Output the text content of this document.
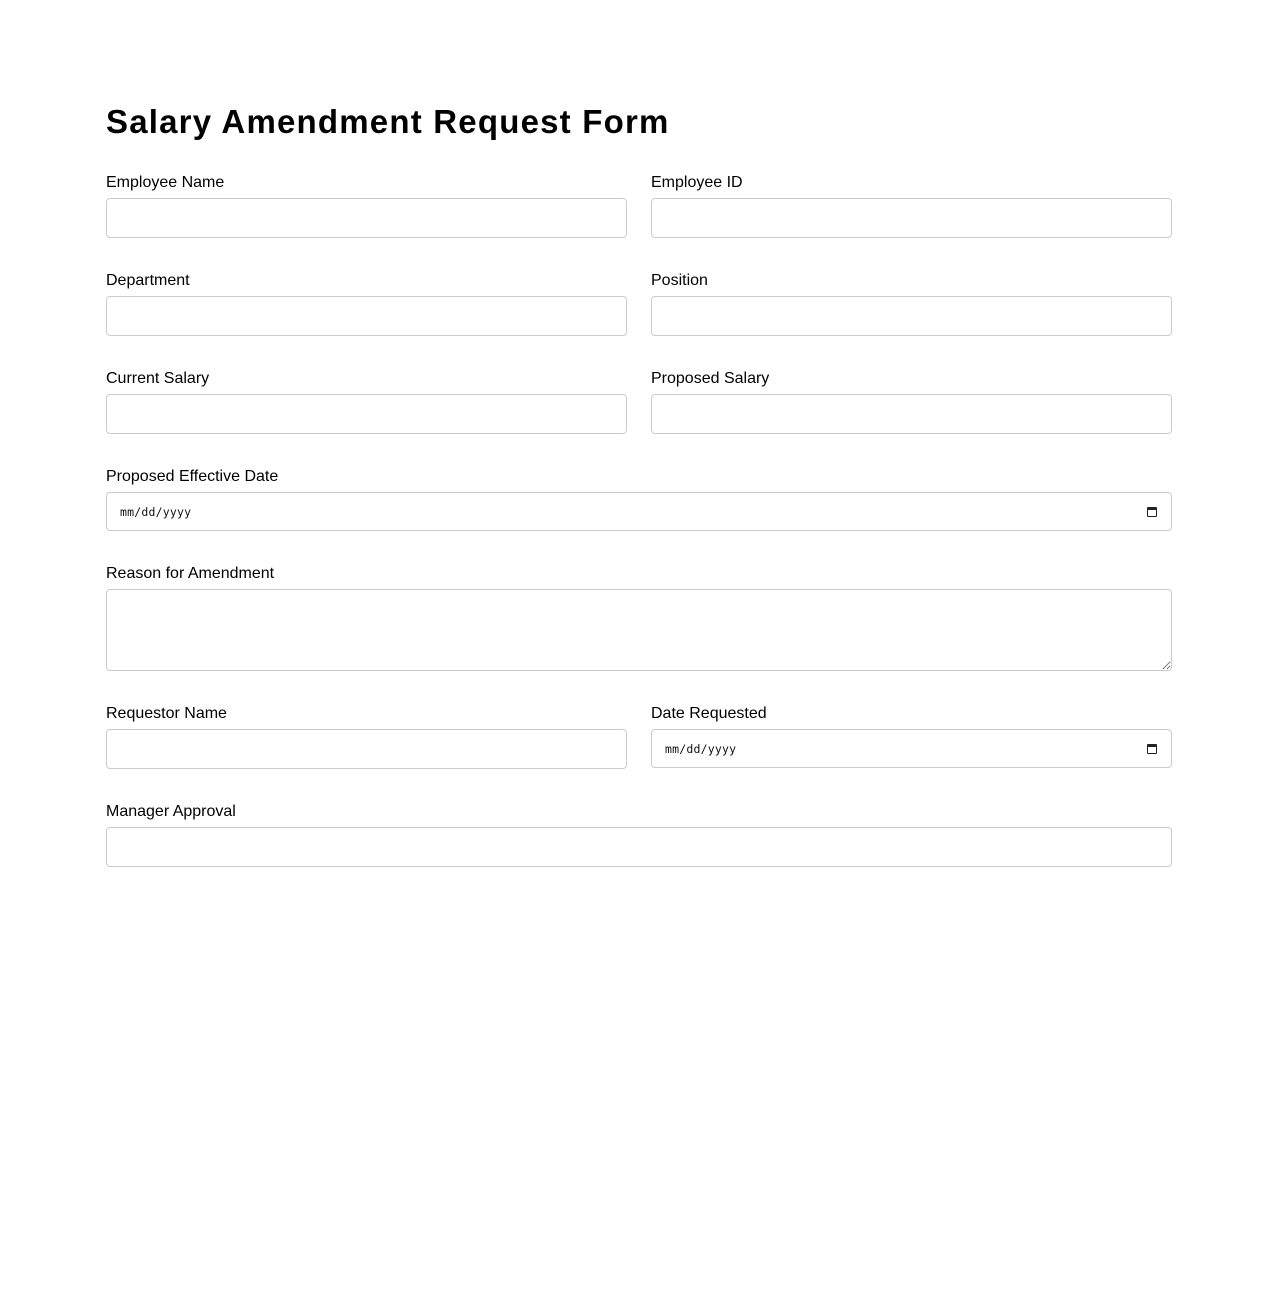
Salary Amendment Request Form
Employee Name	Employee ID
Department	Position
Current Salary	Proposed Salary
Proposed Effective Date
mm/dd/yyyy
Reason for Amendment
Requestor Name	Date Requested
mm/dd/yyyy
Manager Approval
